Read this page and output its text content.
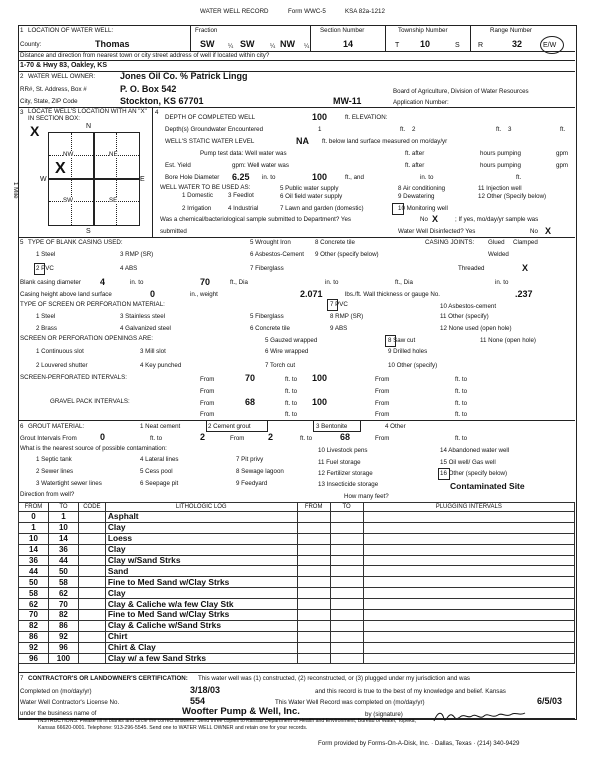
WATER WELL RECORD	Form WWC-5	KSA 82a-1212
1 LOCATION OF WATER WELL:	Fraction	Section Number	Township Number	Range Number
County:	Thomas	SW ¼ SW	¼ NW ¼	14	T 10	S	R	32	E/W
Distance and direction from nearest town or city street address of well if located within city?
1-70 & Hwy 83, Oakley, KS
2 WATER WELL OWNER:	Jones Oil Co. % Patrick Lingg
RR#, St. Address, Box #	P. O. Box 542	Board of Agriculture, Division of Water Resources
City, State, ZIP Code	Stockton, KS 67701	MW-11	Application Number:
3 LOCATE WELL'S LOCATION WITH AN "X" IN SECTION BOX:
X	N
S
E
W
1 Mile
NW	NE
SW	SE
X
4
DEPTH OF COMPLETED WELL	100	ft. ELEVATION:
Depth(s) Groundwater Encountered	1	ft. 2	ft. 3	ft.
WELL'S STATIC WATER LEVEL	NA ft. below land surface measured on mo/day/yr
Pump test data: Well water was	ft. after	hours pumping	gpm
Est. Yield	gpm: Well water was	ft. after	hours pumping	gpm
Bore Hole Diameter 6.25 in. to	100	ft., and	in. to	ft.
WELL WATER TO BE USED AS:
1 Domestic
2 Irrigation
3 Feedlot
4 Industrial
5 Public water supply
6 Oil field water supply
7 Lawn and garden (domestic)
8 Air conditioning
9 Dewatering
10 Monitoring well
11 Injection well
12 Other (Specify below)
Was a chemical/bacteriological sample submitted to Department? Yes	No X	; If yes, mo/day/yr sample was
submitted	Water Well Disinfected? Yes	No X
5 TYPE OF BLANK CASING USED:
1 Steel
2 PVC
3 RMP (SR)
4 ABS
5 Wrought Iron
6 Asbestos-Cement
7 Fiberglass
8 Concrete tile
9 Other (specify below)
CASING JOINTS: Glued Clamped
Welded
Threaded	X
Blank casing diameter 4	in. to	70	ft., Dia	in. to	ft., Dia	in. to
Casing height above land surface	0	in., weight	2.071	lbs./ft. Wall thickness or gauge No.	.237
TYPE OF SCREEN OR PERFORATION MATERIAL:
1 Steel
2 Brass
3 Stainless steel
4 Galvanized steel
5 Fiberglass
6 Concrete tile
7 PVC
8 RMP (SR)
9 ABS
10 Asbestos-cement
11 Other (specify)
12 None used (open hole)
SCREEN OR PERFORATION OPENINGS ARE:
1 Continuous slot
2 Louvered shutter
3 Mill slot
4 Key punched
5 Gauzed wrapped
6 Wire wrapped
7 Torch cut
8 Saw cut
9 Drilled holes
10 Other (specify)
11 None (open hole)
SCREEN-PERFORATED INTERVALS:	From	70	ft. to 100	From	ft. to
From	ft. to	From	ft. to
GRAVEL PACK INTERVALS:	From	68	ft. to 100	From	ft. to
From	ft. to	From	ft. to
6 GROUT MATERIAL:	1 Neat cement	2 Cement grout	3 Bentonite	4 Other
Grout Intervals From	0	ft. to	2	From	2	ft. to	68	From	ft. to
What is the nearest source of possible contamination:
1 Septic tank
2 Sewer lines
3 Watertight sewer lines
4 Lateral lines
5 Cess pool
6 Seepage pit
7 Pit privy
8 Sewage lagoon
9 Feedyard
10 Livestock pens
11 Fuel storage
12 Fertilizer storage
13 Insecticide storage
14 Abandoned water well
15 Oil well/ Gas well
16 Other (specify below)
Contaminated Site
Direction from well?	How many feet?
FROM	TO	CODE	LITHOLOGIC LOG	FROM	TO	PLUGGING INTERVALS
0	1		Asphalt			
1	10		Clay			
10	14		Loess			
14	36		Clay			
36	44		Clay w/Sand Strks			
44	50		Sand			
50	58		Fine to Med Sand w/Clay Strks			
58	62		Clay			
62	70		Clay & Caliche w/a few Clay Stk			
70	82		Fine to Med Sand w/Clay Strks			
82	86		Clay & Caliche w/Sand Strks			
86	92		Chirt			
92	96		Chirt & Clay			
96	100		Clay w/ a few Sand Strks			
7 CONTRACTOR'S OR LANDOWNER'S CERTIFICATION: This water well was (1) constructed, (2) reconstructed, or (3) plugged under my jurisdiction and was
Completed on (mo/day/yr)	3/18/03	and this record is true to the best of my knowledge and belief. Kansas
Water Well Contractor's License No.	554	This Water Well Record was completed on (mo/day/yr)	6/5/03
under the business name of	Woofter Pump & Well, Inc.	by (signature)
INSTRUCTIONS: Please fill in blanks and circle the correct answers. Send three copies to Kansas Department of Health and Environment, Bureau of Water, Topeka,
Kansas 66620-0001. Telephone: 913-296-5545. Send one to WATER WELL OWNER and retain one for your records.
Form provided by Forms-On-A-Disk, Inc. · Dallas, Texas · (214) 340-9429
